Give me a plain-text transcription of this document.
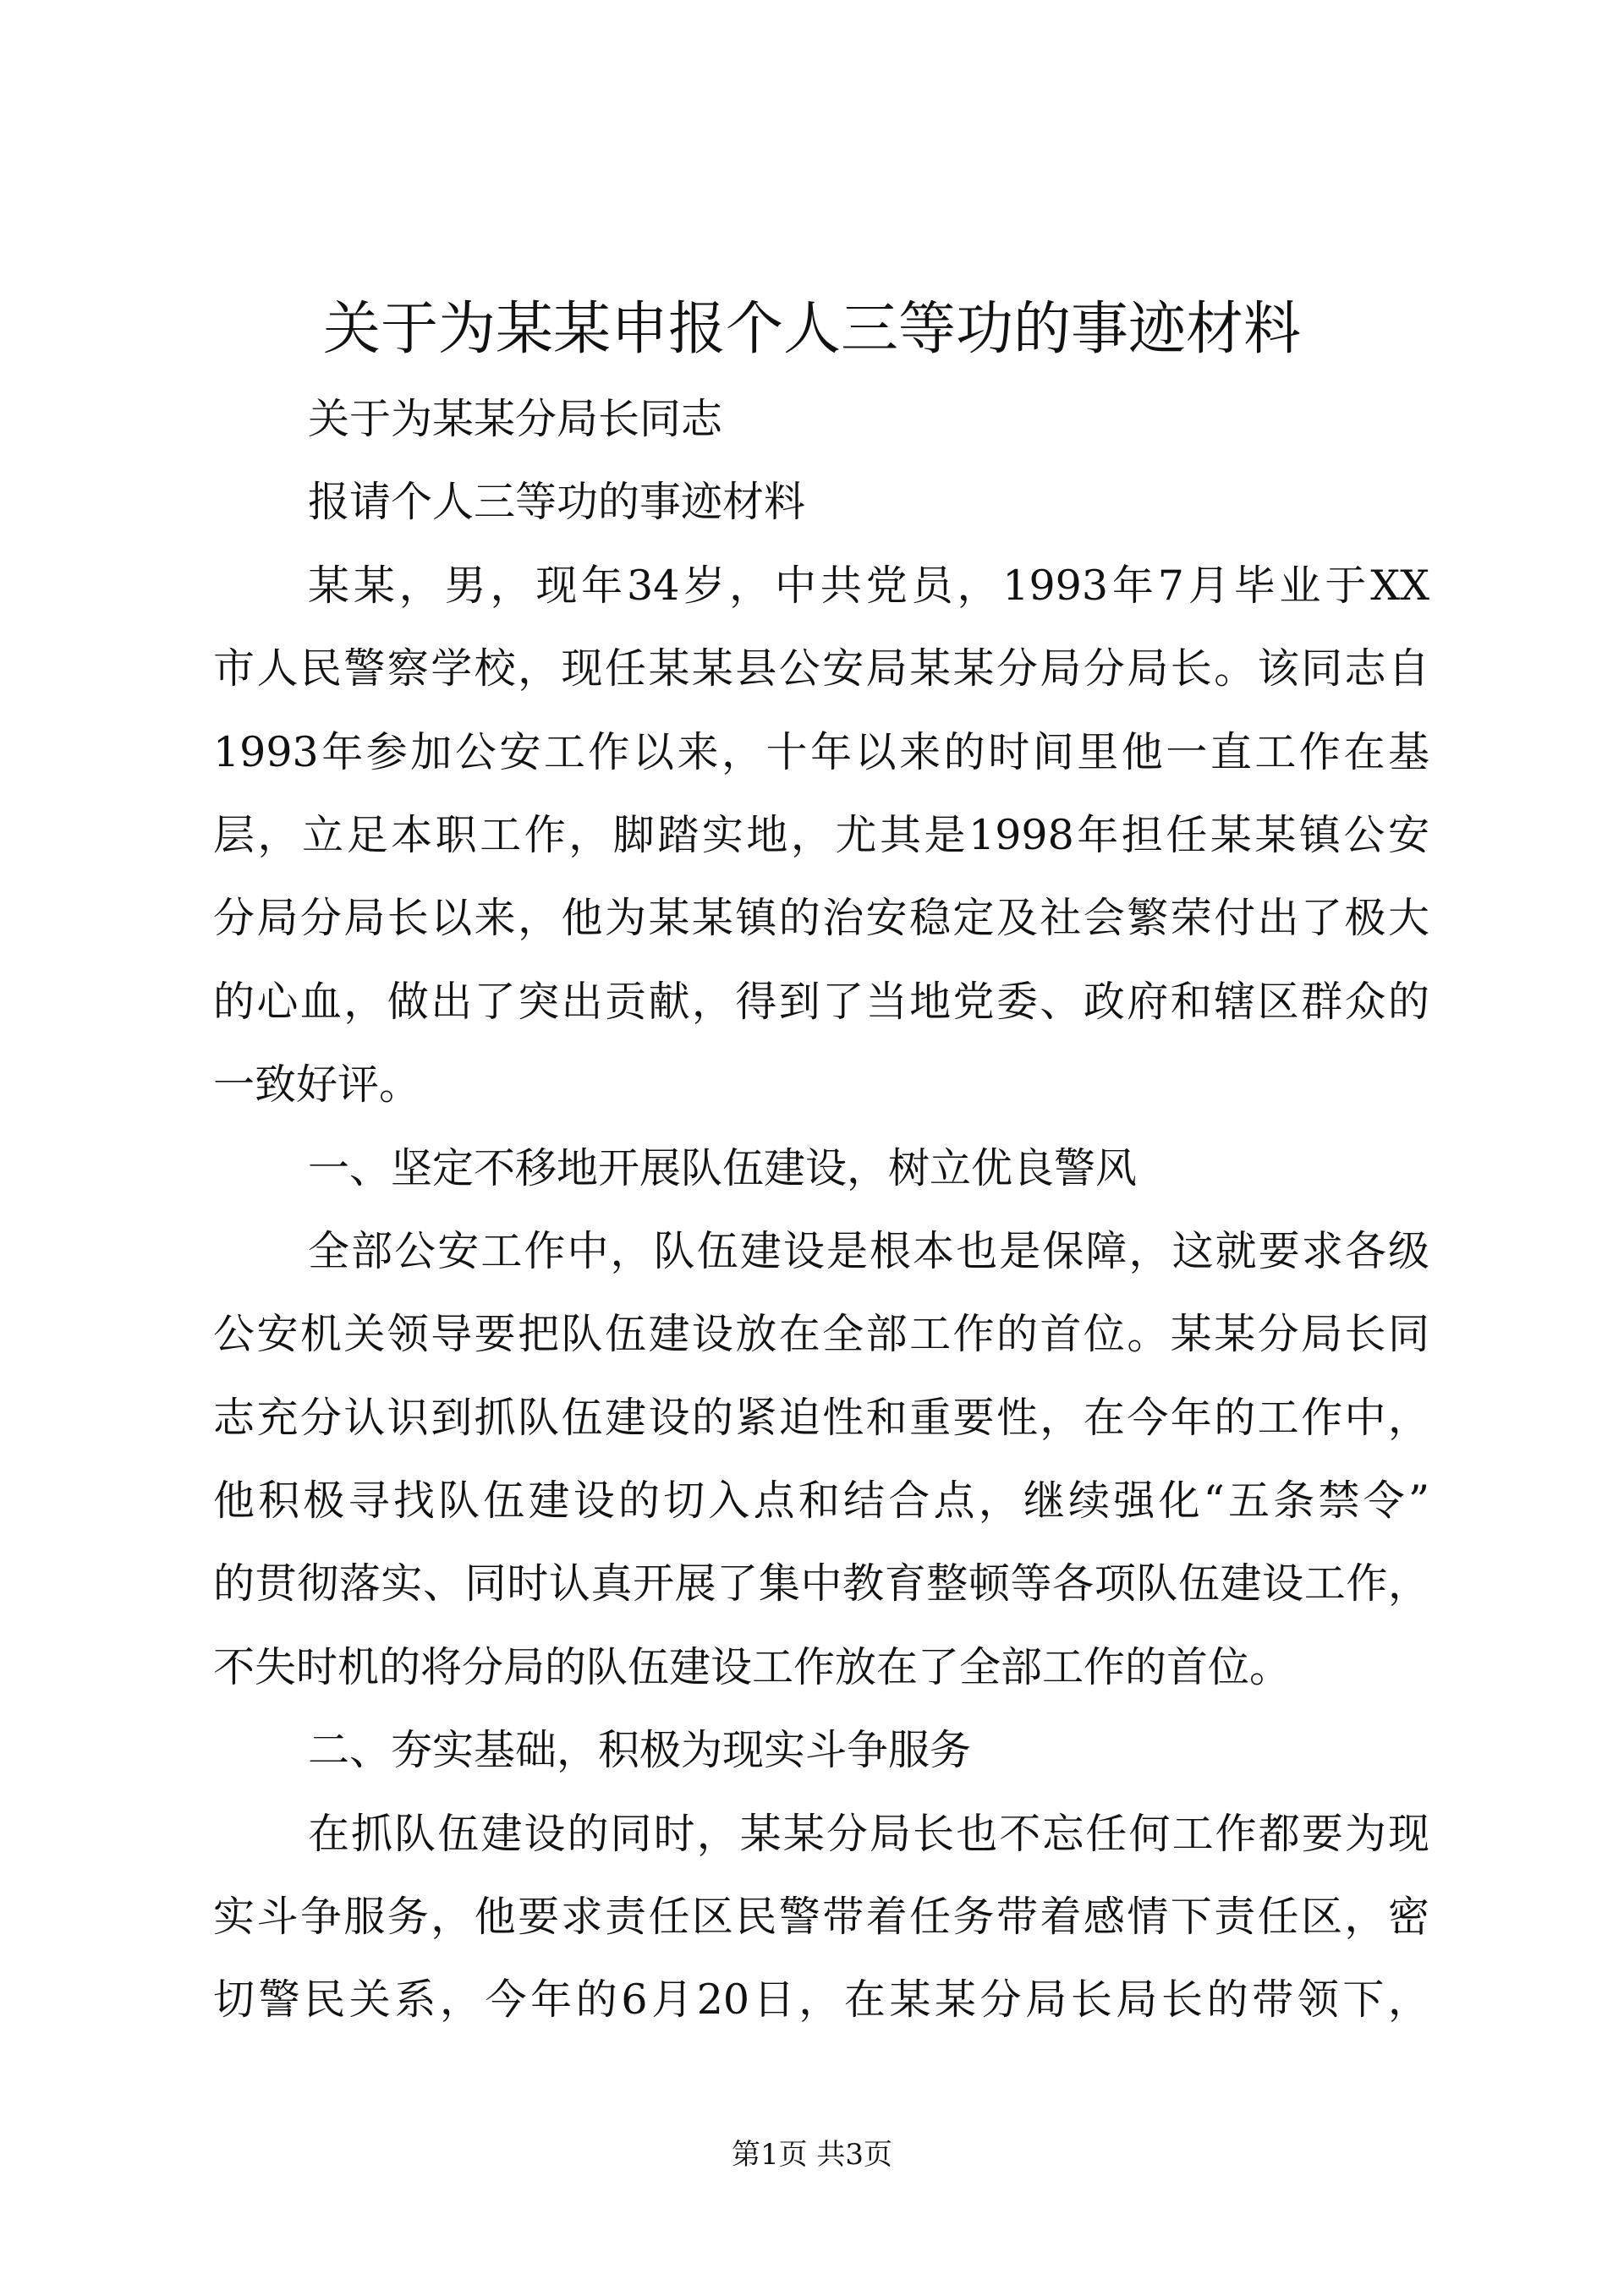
关于为某某申报个人三等功的事迹材料
关于为某某分局长同志
报请个人三等功的事迹材料
某某，男，现年34岁，中共党员，1993年7月毕业于XX
市人民警察学校，现任某某县公安局某某分局分局长。该同志自
1993年参加公安工作以来，十年以来的时间里他一直工作在基
层，立足本职工作，脚踏实地，尤其是1998年担任某某镇公安
分局分局长以来，他为某某镇的治安稳定及社会繁荣付出了极大
的心血，做出了突出贡献，得到了当地党委、政府和辖区群众的
一致好评。
一、坚定不移地开展队伍建设，树立优良警风
全部公安工作中，队伍建设是根本也是保障，这就要求各级
公安机关领导要把队伍建设放在全部工作的首位。某某分局长同
志充分认识到抓队伍建设的紧迫性和重要性，在今年的工作中，
他积极寻找队伍建设的切入点和结合点，继续强化“五条禁令”
的贯彻落实、同时认真开展了集中教育整顿等各项队伍建设工作，
不失时机的将分局的队伍建设工作放在了全部工作的首位。
二、夯实基础，积极为现实斗争服务
在抓队伍建设的同时，某某分局长也不忘任何工作都要为现
实斗争服务，他要求责任区民警带着任务带着感情下责任区，密
切警民关系，今年的6月20日，在某某分局长局长的带领下，
第1页 共3页
